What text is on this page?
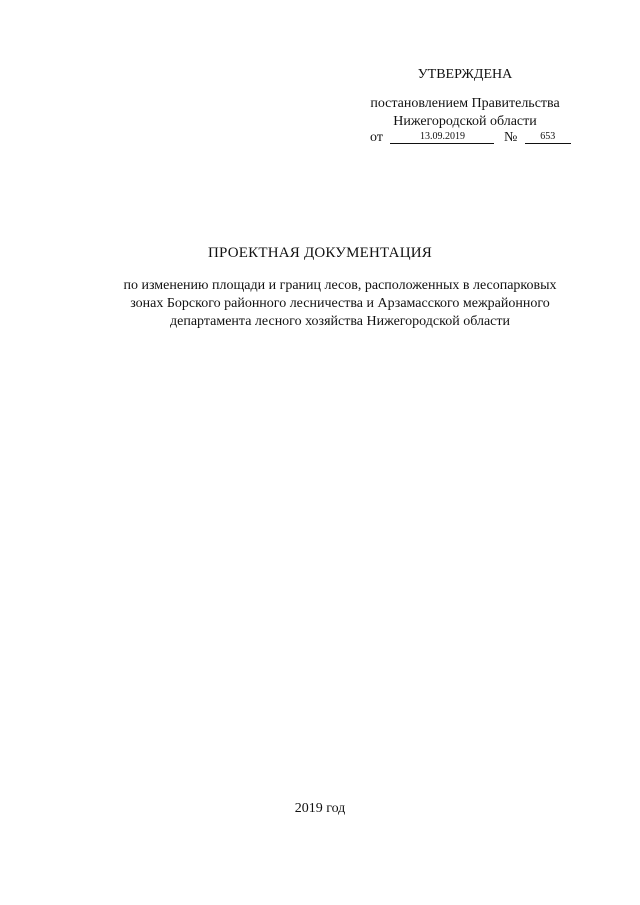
УТВЕРЖДЕНА
постановлением Правительства
Нижегородской области
от	13.09.2019	№ 653
ПРОЕКТНАЯ ДОКУМЕНТАЦИЯ
по изменению площади и границ лесов, расположенных в лесопарковых
зонах Борского районного лесничества и Арзамасского межрайонного
департамента лесного хозяйства Нижегородской области
2019 год
